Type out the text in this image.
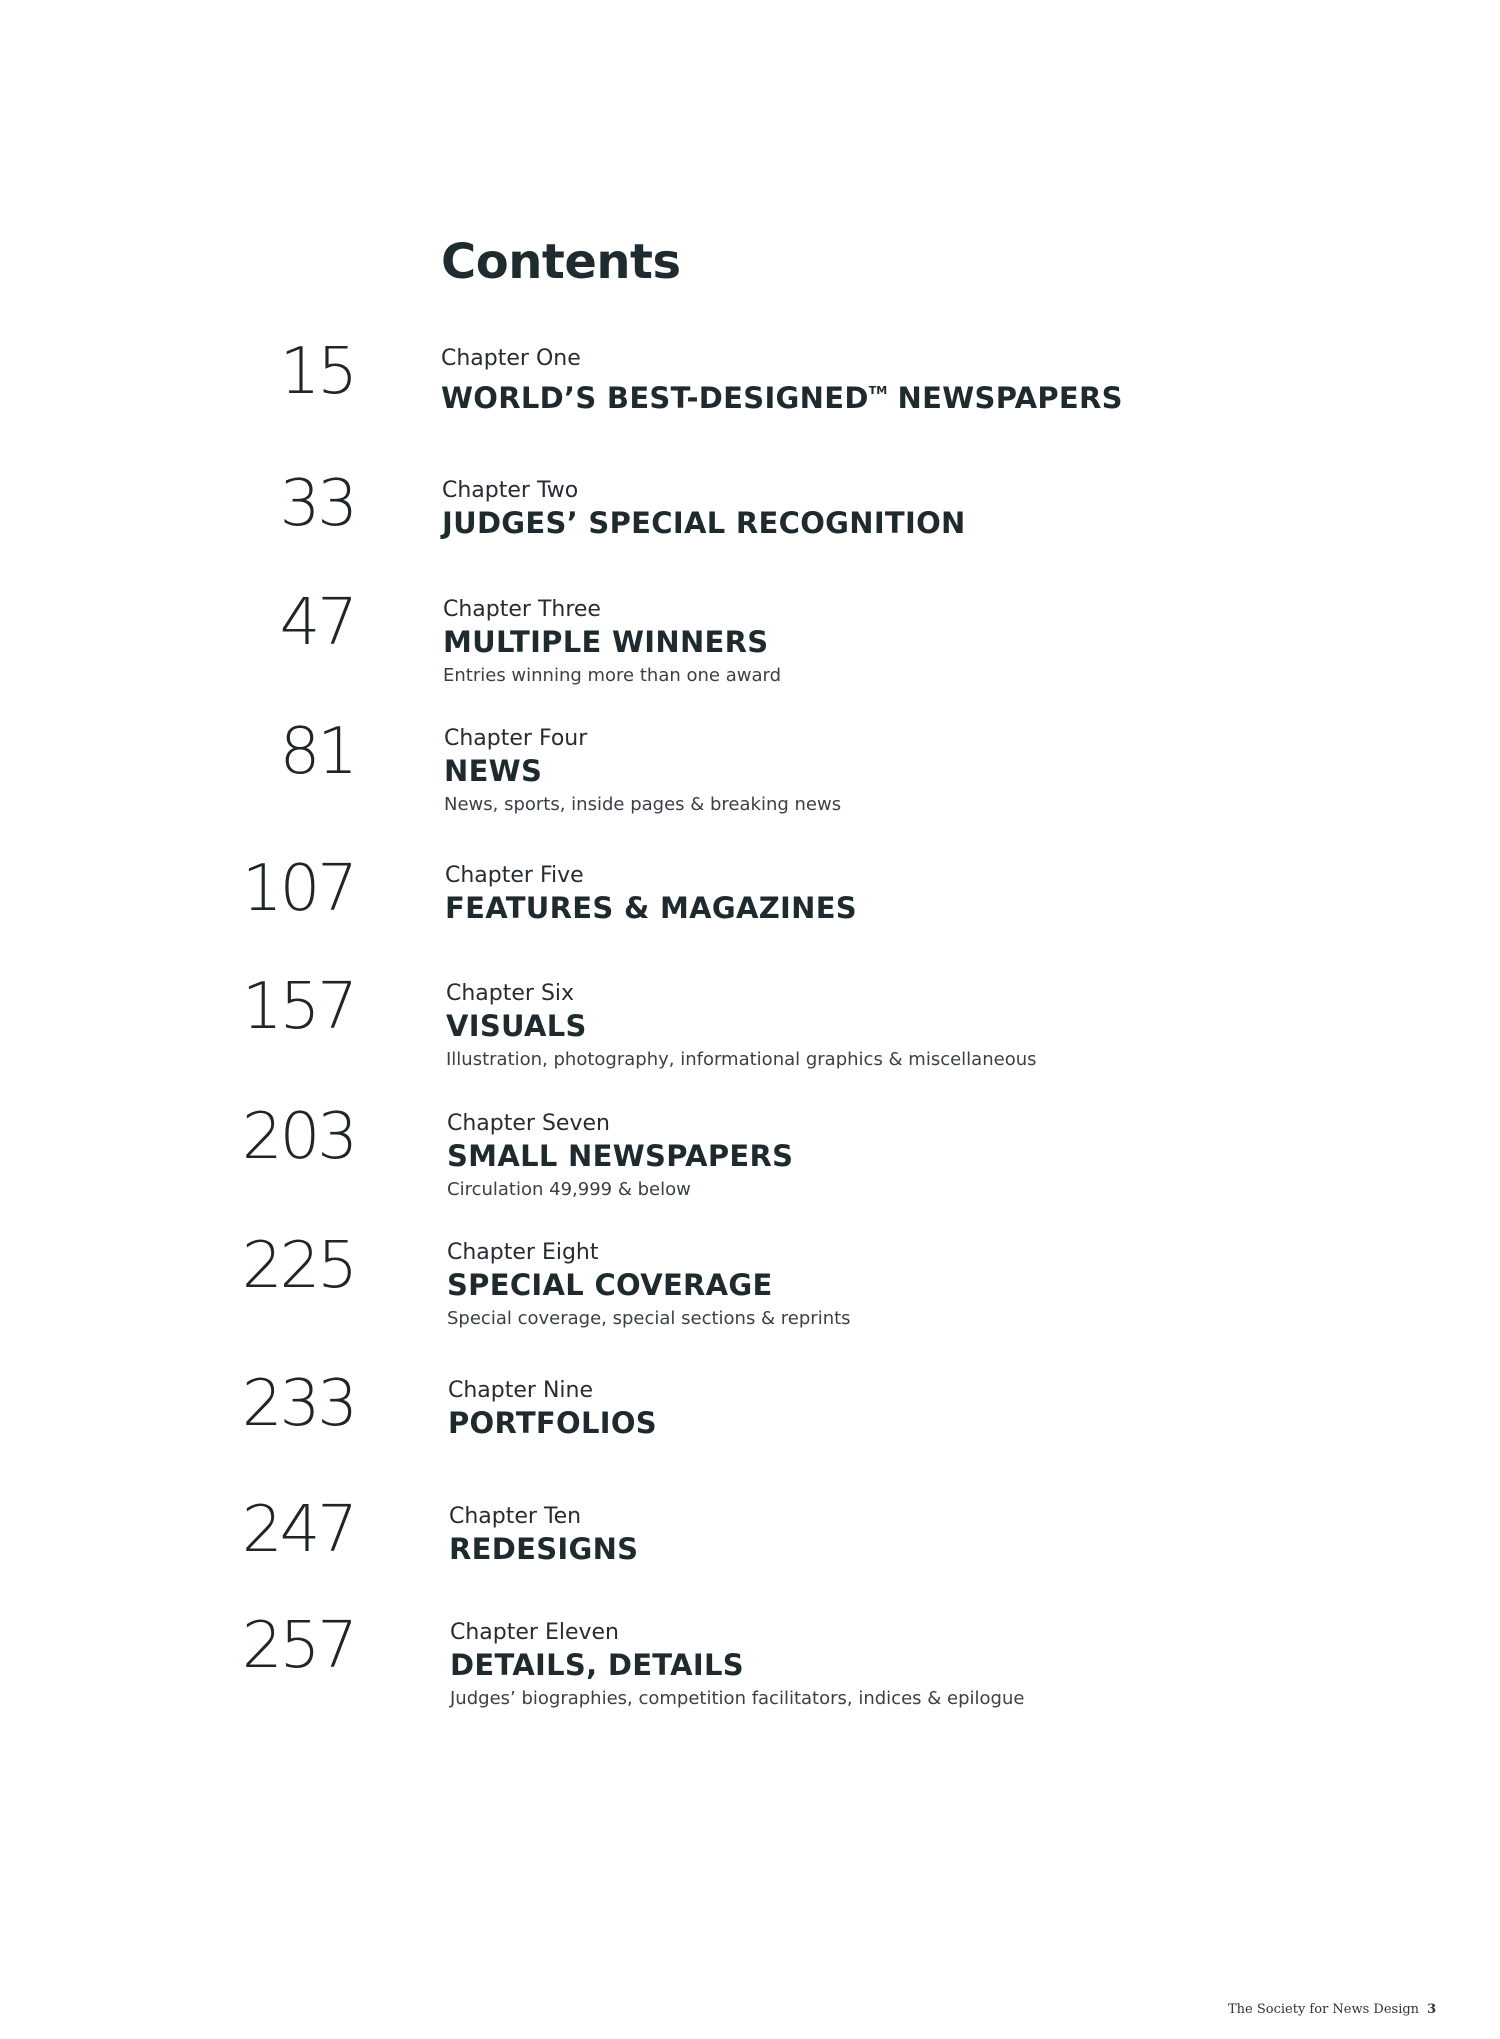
Contents
15	Chapter One
WORLD’S BEST-DESIGNED™ NEWSPAPERS
33	Chapter Two
JUDGES’ SPECIAL RECOGNITION
47	Chapter Three
MULTIPLE WINNERS
Entries winning more than one award
81	Chapter Four
NEWS
News, sports, inside pages & breaking news
107	Chapter Five
FEATURES & MAGAZINES
157	Chapter Six
VISUALS
Illustration, photography, informational graphics & miscellaneous
203	Chapter Seven
SMALL NEWSPAPERS
Circulation 49,999 & below
225	Chapter Eight
SPECIAL COVERAGE
Special coverage, special sections & reprints
233	Chapter Nine
PORTFOLIOS
247	Chapter Ten
REDESIGNS
257	Chapter Eleven
DETAILS, DETAILS
Judges’ biographies, competition facilitators, indices & epilogue
The Society for News Design 3
